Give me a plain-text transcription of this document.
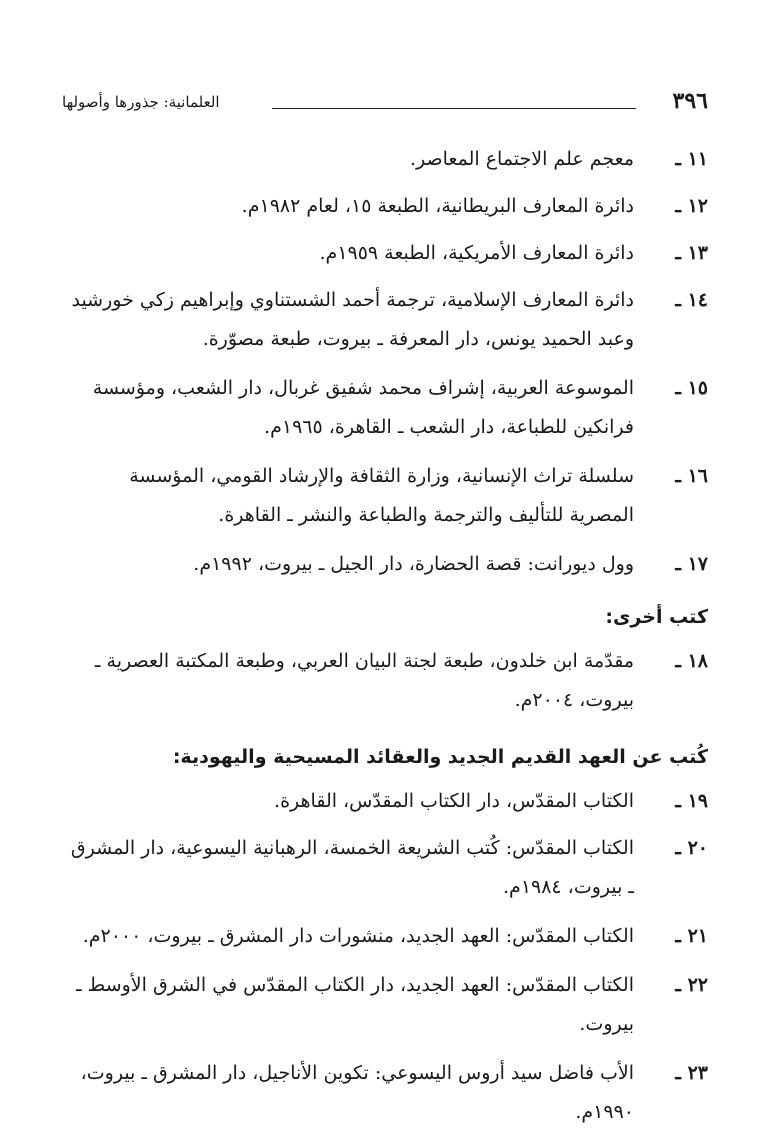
٣٩٦
العلمانية: جذورها وأصولها
١١ ـ
معجم علم الاجتماع المعاصر.
١٢ ـ
دائرة المعارف البريطانية، الطبعة ١٥، لعام ١٩٨٢م.
١٣ ـ
دائرة المعارف الأمريكية، الطبعة ١٩٥٩م.
١٤ ـ
دائرة المعارف الإسلامية، ترجمة أحمد الشستناوي وإبراهيم زكي خورشيد وعبد الحميد يونس، دار المعرفة ـ بيروت، طبعة مصوّرة.
١٥ ـ
الموسوعة العربية، إشراف محمد شفيق غربال، دار الشعب، ومؤسسة فرانكين للطباعة، دار الشعب ـ القاهرة، ١٩٦٥م.
١٦ ـ
سلسلة تراث الإنسانية، وزارة الثقافة والإرشاد القومي، المؤسسة المصرية للتأليف والترجمة والطباعة والنشر ـ القاهرة.
١٧ ـ
وول ديورانت: قصة الحضارة، دار الجيل ـ بيروت، ١٩٩٢م.
كتب أخرى:
١٨ ـ
مقدّمة ابن خلدون، طبعة لجنة البيان العربي، وطبعة المكتبة العصرية ـ بيروت، ٢٠٠٤م.
كُتب عن العهد القديم الجديد والعقائد المسيحية واليهودية:
١٩ ـ
الكتاب المقدّس، دار الكتاب المقدّس، القاهرة.
٢٠ ـ
الكتاب المقدّس: كُتب الشريعة الخمسة، الرهبانية اليسوعية، دار المشرق ـ بيروت، ١٩٨٤م.
٢١ ـ
الكتاب المقدّس: العهد الجديد، منشورات دار المشرق ـ بيروت، ٢٠٠٠م.
٢٢ ـ
الكتاب المقدّس: العهد الجديد، دار الكتاب المقدّس في الشرق الأوسط ـ بيروت.
٢٣ ـ
الأب فاضل سيد أروس اليسوعي: تكوين الأناجيل، دار المشرق ـ بيروت، ١٩٩٠م.
